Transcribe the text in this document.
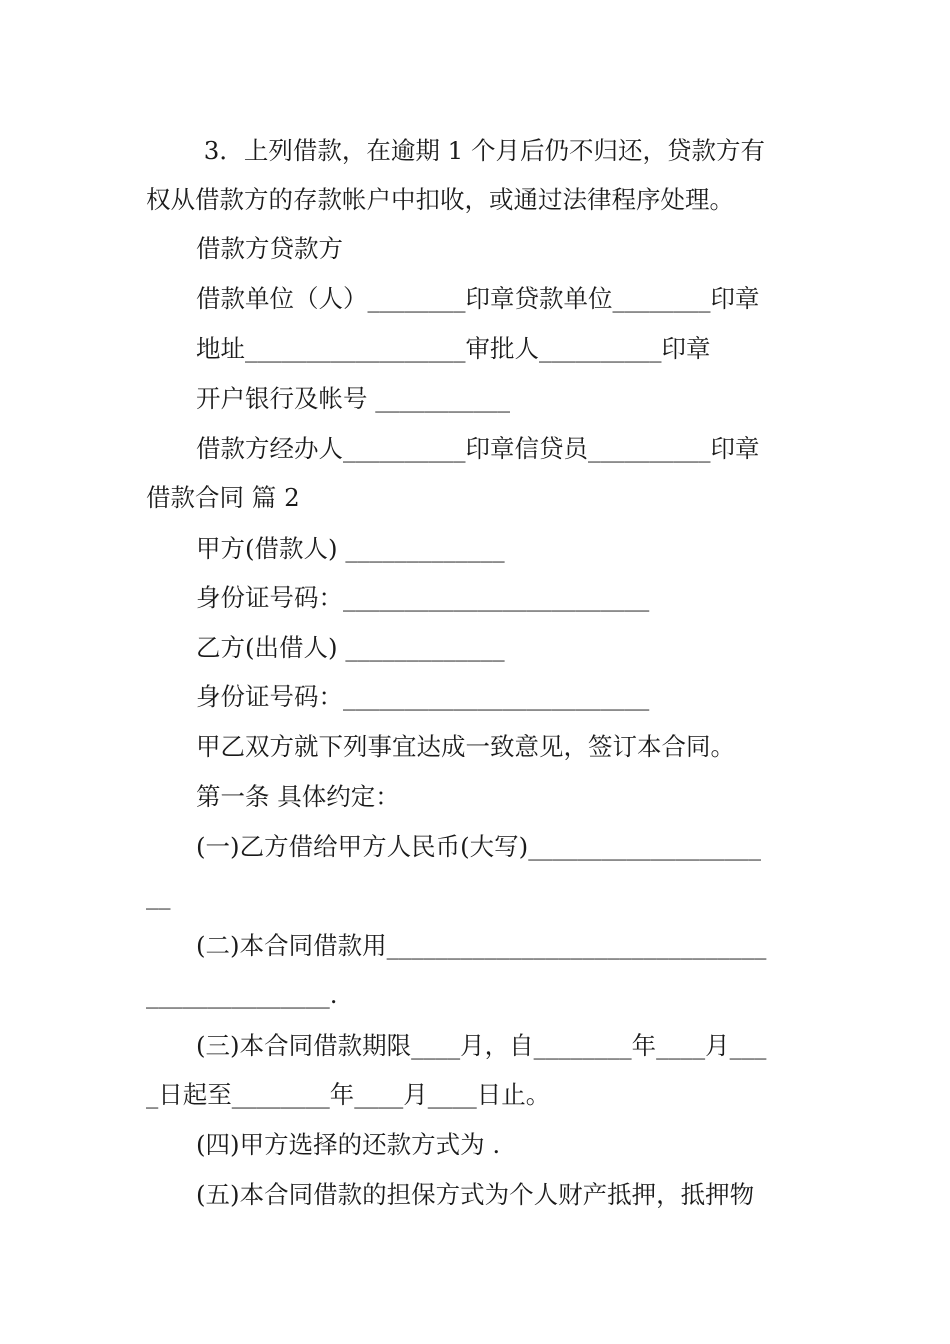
3．上列借款，在逾期 1 个月后仍不归还，贷款方有

权从借款方的存款帐户中扣收，或通过法律程序处理。

借款方贷款方

借款单位（人）________印章贷款单位________印章

地址__________________审批人__________印章

开户银行及帐号 ___________

借款方经办人__________印章信贷员__________印章

借款合同 篇 2

甲方(借款人) _____________

身份证号码：_________________________

乙方(出借人) _____________

身份证号码：_________________________

甲乙双方就下列事宜达成一致意见，签订本合同。

第一条 具体约定：

(一)乙方借给甲方人民币(大写)___________________

__

(二)本合同借款用_______________________________

_______________.

(三)本合同借款期限____月，自________年____月___

_日起至________年____月____日止。

(四)甲方选择的还款方式为 .

(五)本合同借款的担保方式为个人财产抵押，抵押物
